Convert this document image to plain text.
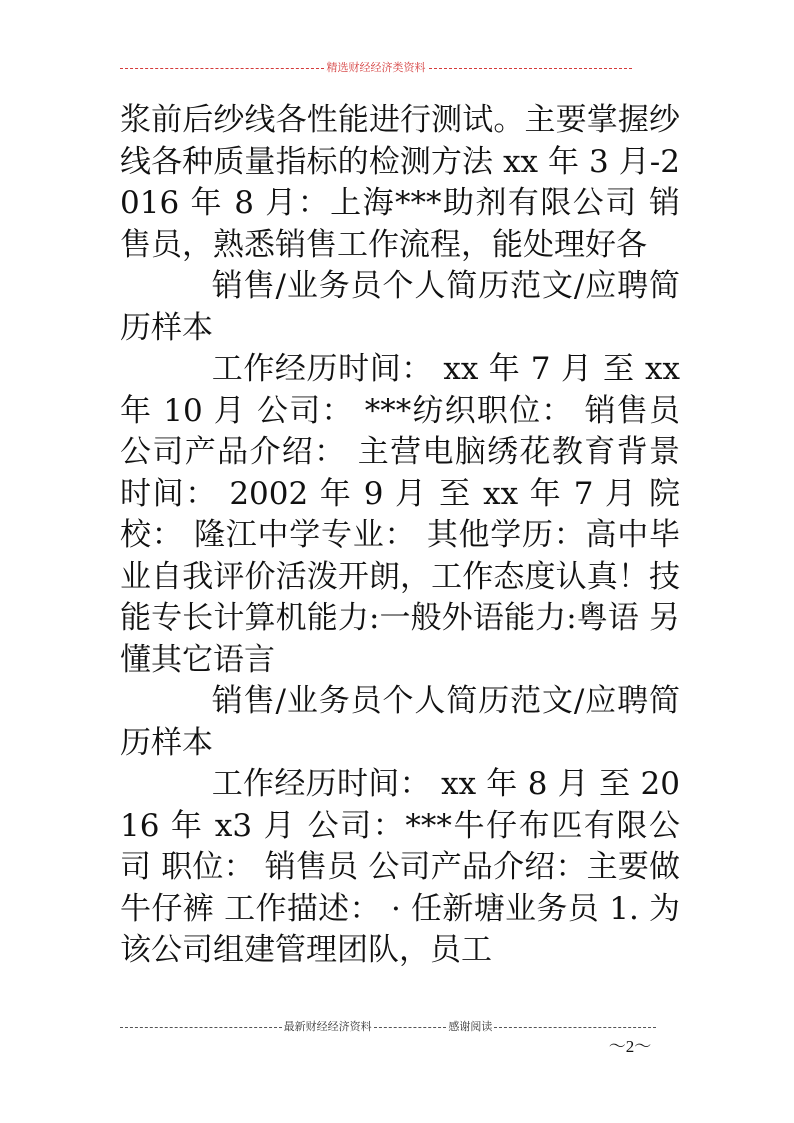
精选财经经济类资料

浆前后纱线各性能进行测试。主要掌握纱线各种质量指标的检测方法 xx 年 3 月-2016 年 8 月：上海***助剂有限公司 销售员，熟悉销售工作流程，能处理好各

销售/业务员个人简历范文/应聘简历样本

工作经历时间： xx 年 7 月 至 xx 年 10 月 公司： ***纺织职位： 销售员公司产品介绍： 主营电脑绣花教育背景时间： 2002 年 9 月 至 xx 年 7 月 院校： 隆江中学专业： 其他学历：高中毕业自我评价活泼开朗，工作态度认真！技能专长计算机能力:一般外语能力:粤语 另懂其它语言

销售/业务员个人简历范文/应聘简历样本

工作经历时间： xx 年 8 月 至 2016 年 x3 月 公司：***牛仔布匹有限公司 职位： 销售员 公司产品介绍：主要做牛仔裤 工作描述： · 任新塘业务员 1. 为该公司组建管理团队，员工

最新财经经济资料	感谢阅读
～2～
